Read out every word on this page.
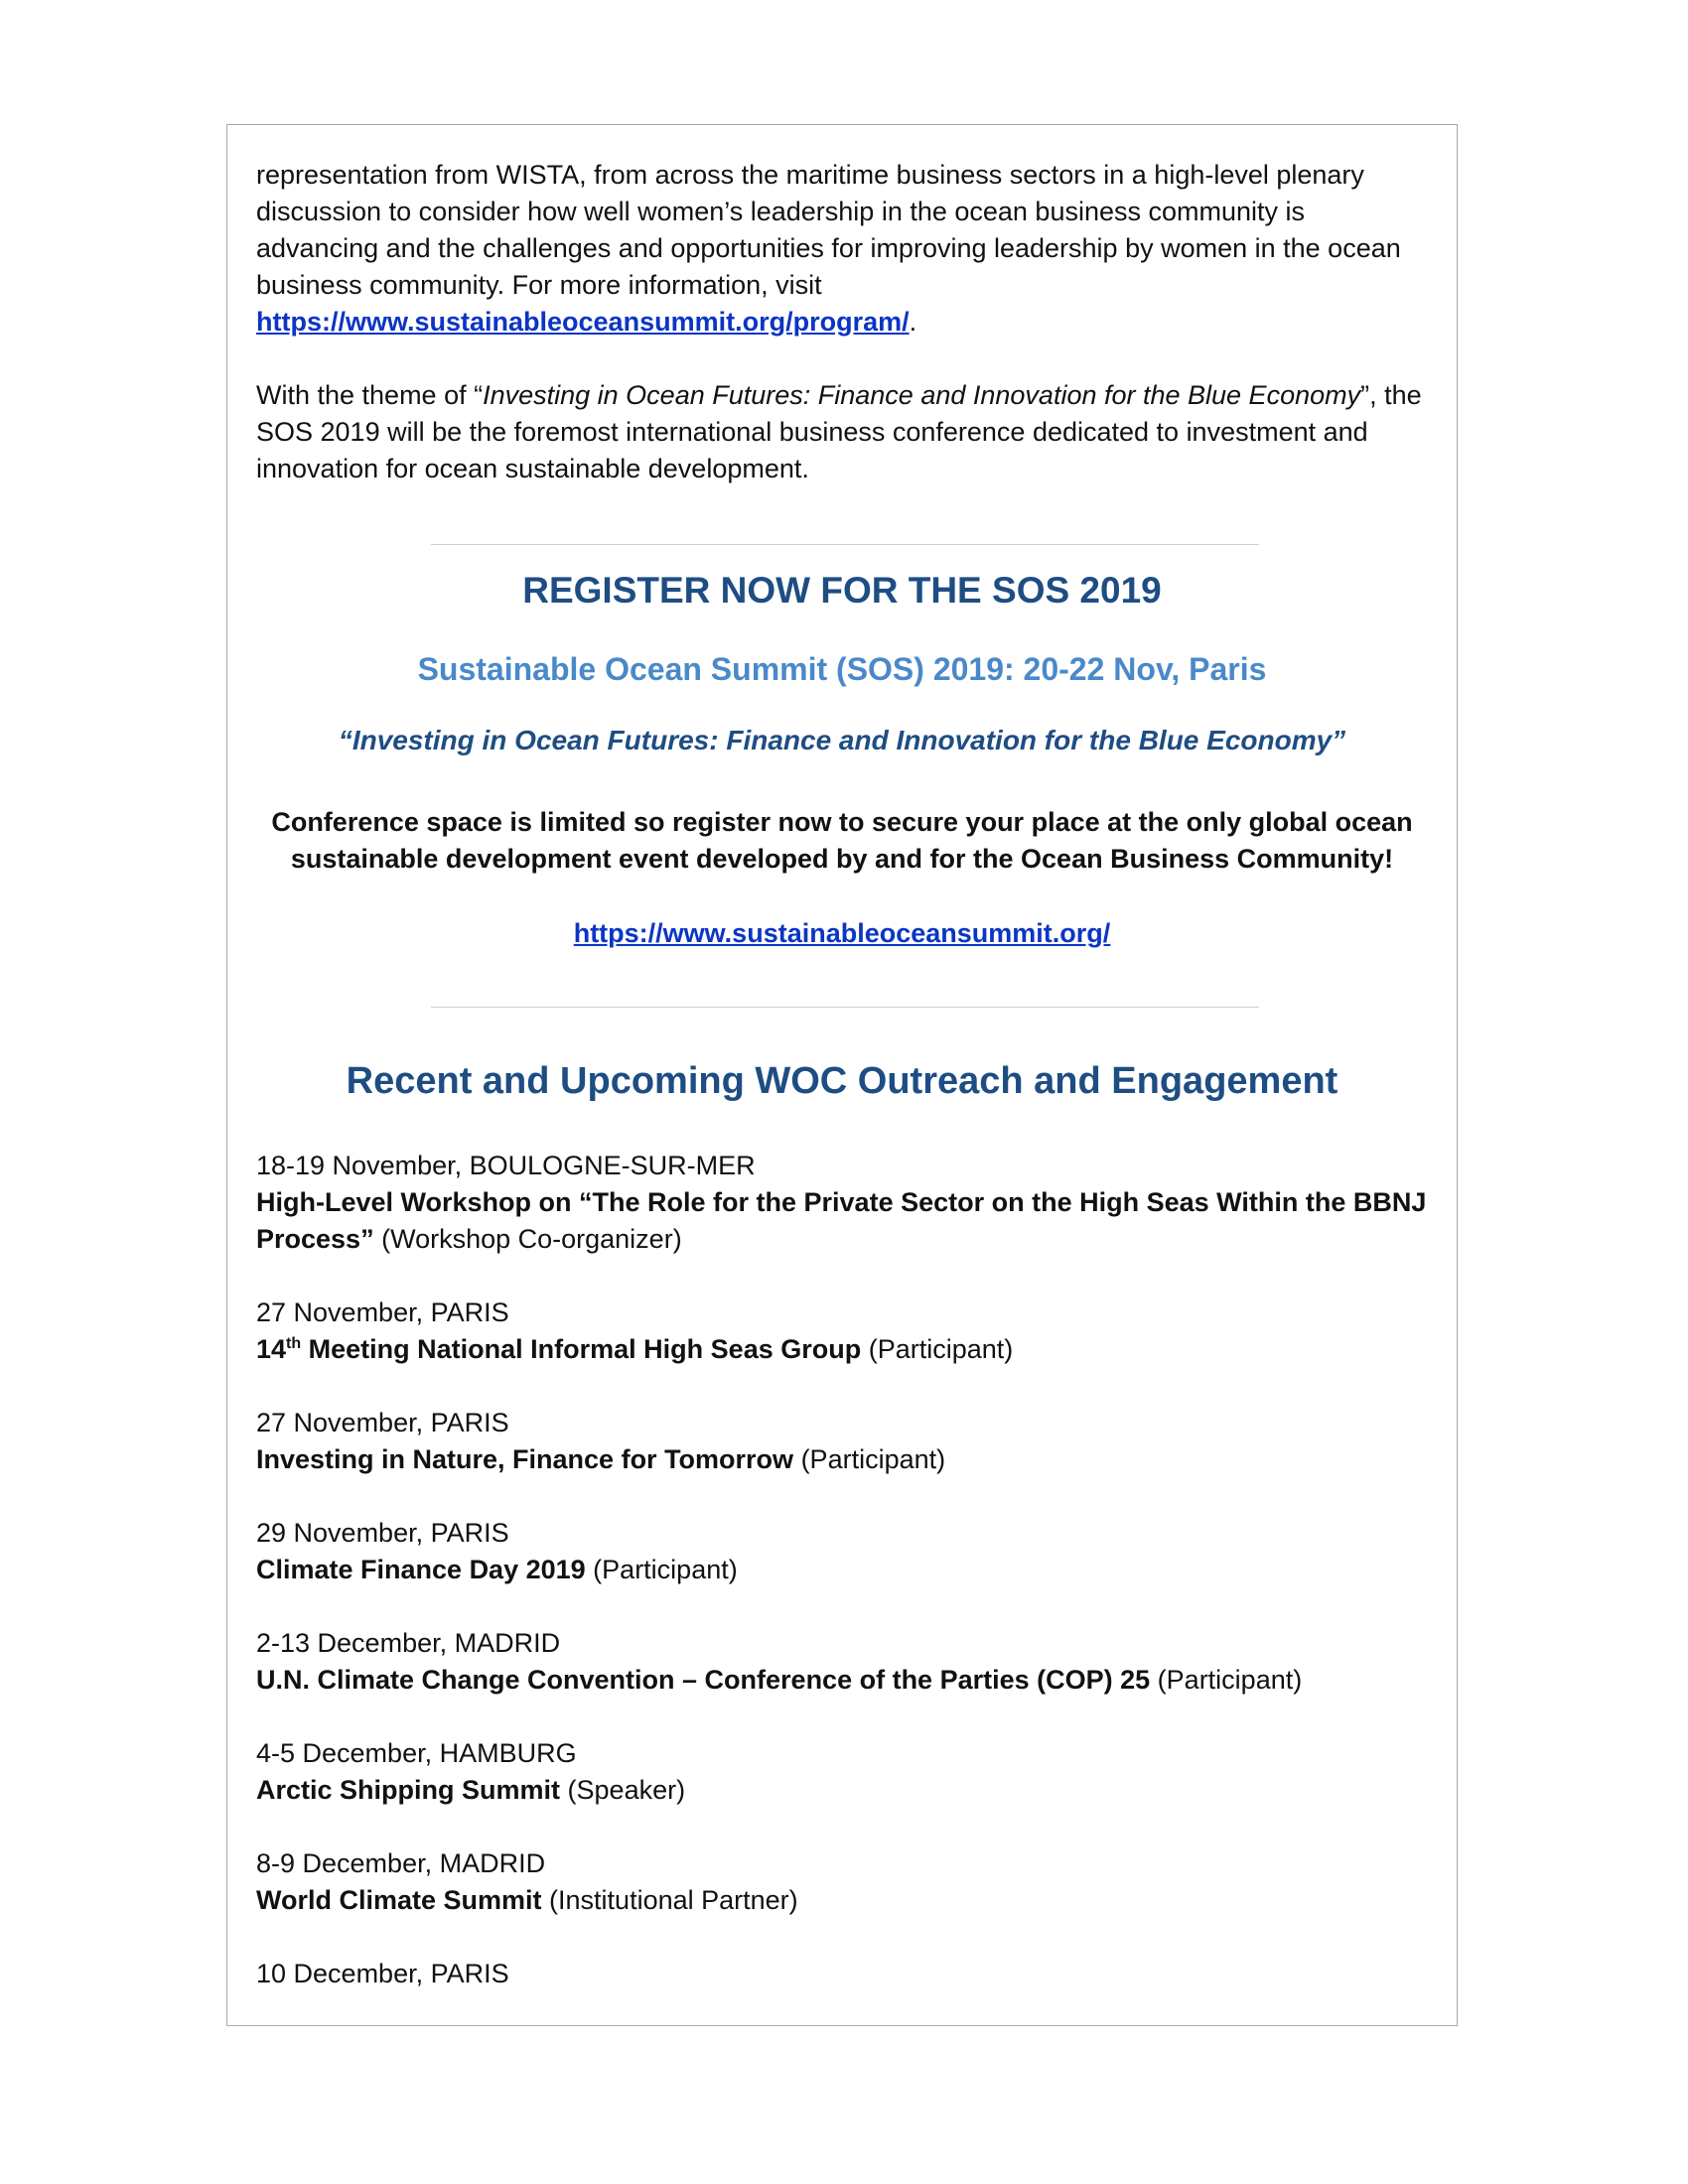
representation from WISTA, from across the maritime business sectors in a high-level plenary discussion to consider how well women’s leadership in the ocean business community is advancing and the challenges and opportunities for improving leadership by women in the ocean business community. For more information, visit https://www.sustainableoceansummit.org/program/.

With the theme of “Investing in Ocean Futures: Finance and Innovation for the Blue Economy”, the SOS 2019 will be the foremost international business conference dedicated to investment and innovation for ocean sustainable development.

REGISTER NOW FOR THE SOS 2019

Sustainable Ocean Summit (SOS) 2019: 20-22 Nov, Paris

“Investing in Ocean Futures: Finance and Innovation for the Blue Economy”

Conference space is limited so register now to secure your place at the only global ocean
sustainable development event developed by and for the Ocean Business Community!

https://www.sustainableoceansummit.org/

Recent and Upcoming WOC Outreach and Engagement

18-19 November, BOULOGNE-SUR-MER
High-Level Workshop on “The Role for the Private Sector on the High Seas Within the BBNJ Process” (Workshop Co-organizer)

27 November, PARIS
14th Meeting National Informal High Seas Group (Participant)

27 November, PARIS
Investing in Nature, Finance for Tomorrow (Participant)

29 November, PARIS
Climate Finance Day 2019 (Participant)

2-13 December, MADRID
U.N. Climate Change Convention – Conference of the Parties (COP) 25 (Participant)

4-5 December, HAMBURG
Arctic Shipping Summit (Speaker)

8-9 December, MADRID
World Climate Summit (Institutional Partner)

10 December, PARIS
